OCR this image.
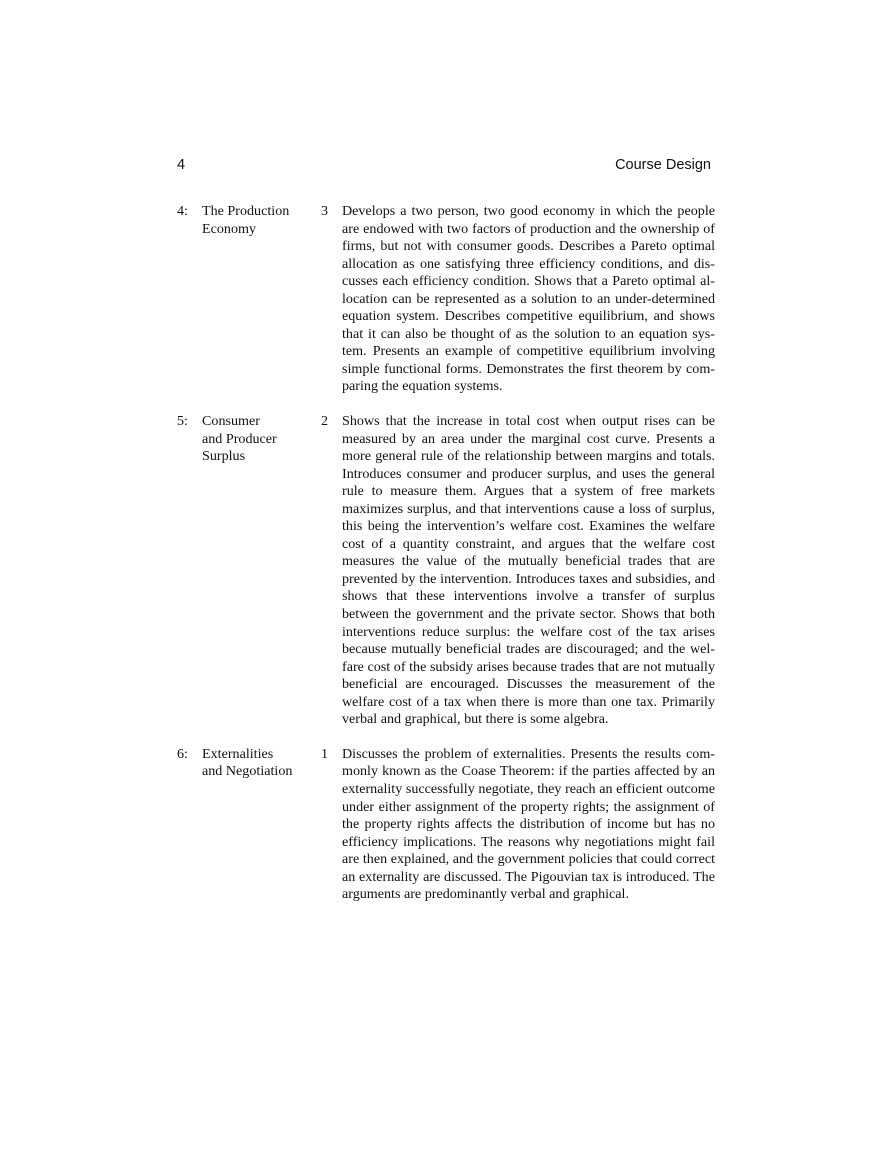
4	Course Design
4: The Production
Economy
3 Develops a two person, two good economy in which the people are endowed with two factors of production and the ownership of firms, but not with consumer goods. Describes a Pareto optimal allocation as one satisfying three efficiency conditions, and discusses each efficiency condition. Shows that a Pareto optimal allocation can be represented as a solution to an under-determined equation system. Describes competitive equilibrium, and shows that it can also be thought of as the solution to an equation system. Presents an example of competitive equilibrium involving simple functional forms. Demonstrates the first theorem by comparing the equation systems.
5: Consumer
and Producer
Surplus
2 Shows that the increase in total cost when output rises can be measured by an area under the marginal cost curve. Presents a more general rule of the relationship between margins and totals. Introduces consumer and producer surplus, and uses the general rule to measure them. Argues that a system of free markets maximizes surplus, and that interventions cause a loss of surplus, this being the intervention’s welfare cost. Examines the welfare cost of a quantity constraint, and argues that the welfare cost measures the value of the mutually beneficial trades that are prevented by the intervention. Introduces taxes and subsidies, and shows that these interventions involve a transfer of surplus between the government and the private sector. Shows that both interventions reduce surplus: the welfare cost of the tax arises because mutually beneficial trades are discouraged; and the welfare cost of the subsidy arises because trades that are not mutually beneficial are encouraged. Discusses the measurement of the welfare cost of a tax when there is more than one tax. Primarily verbal and graphical, but there is some algebra.
6: Externalities
and Negotiation
1 Discusses the problem of externalities. Presents the results commonly known as the Coase Theorem: if the parties affected by an externality successfully negotiate, they reach an efficient outcome under either assignment of the property rights; the assignment of the property rights affects the distribution of income but has no efficiency implications. The reasons why negotiations might fail are then explained, and the government policies that could correct an externality are discussed. The Pigouvian tax is introduced. The arguments are predominantly verbal and graphical.
